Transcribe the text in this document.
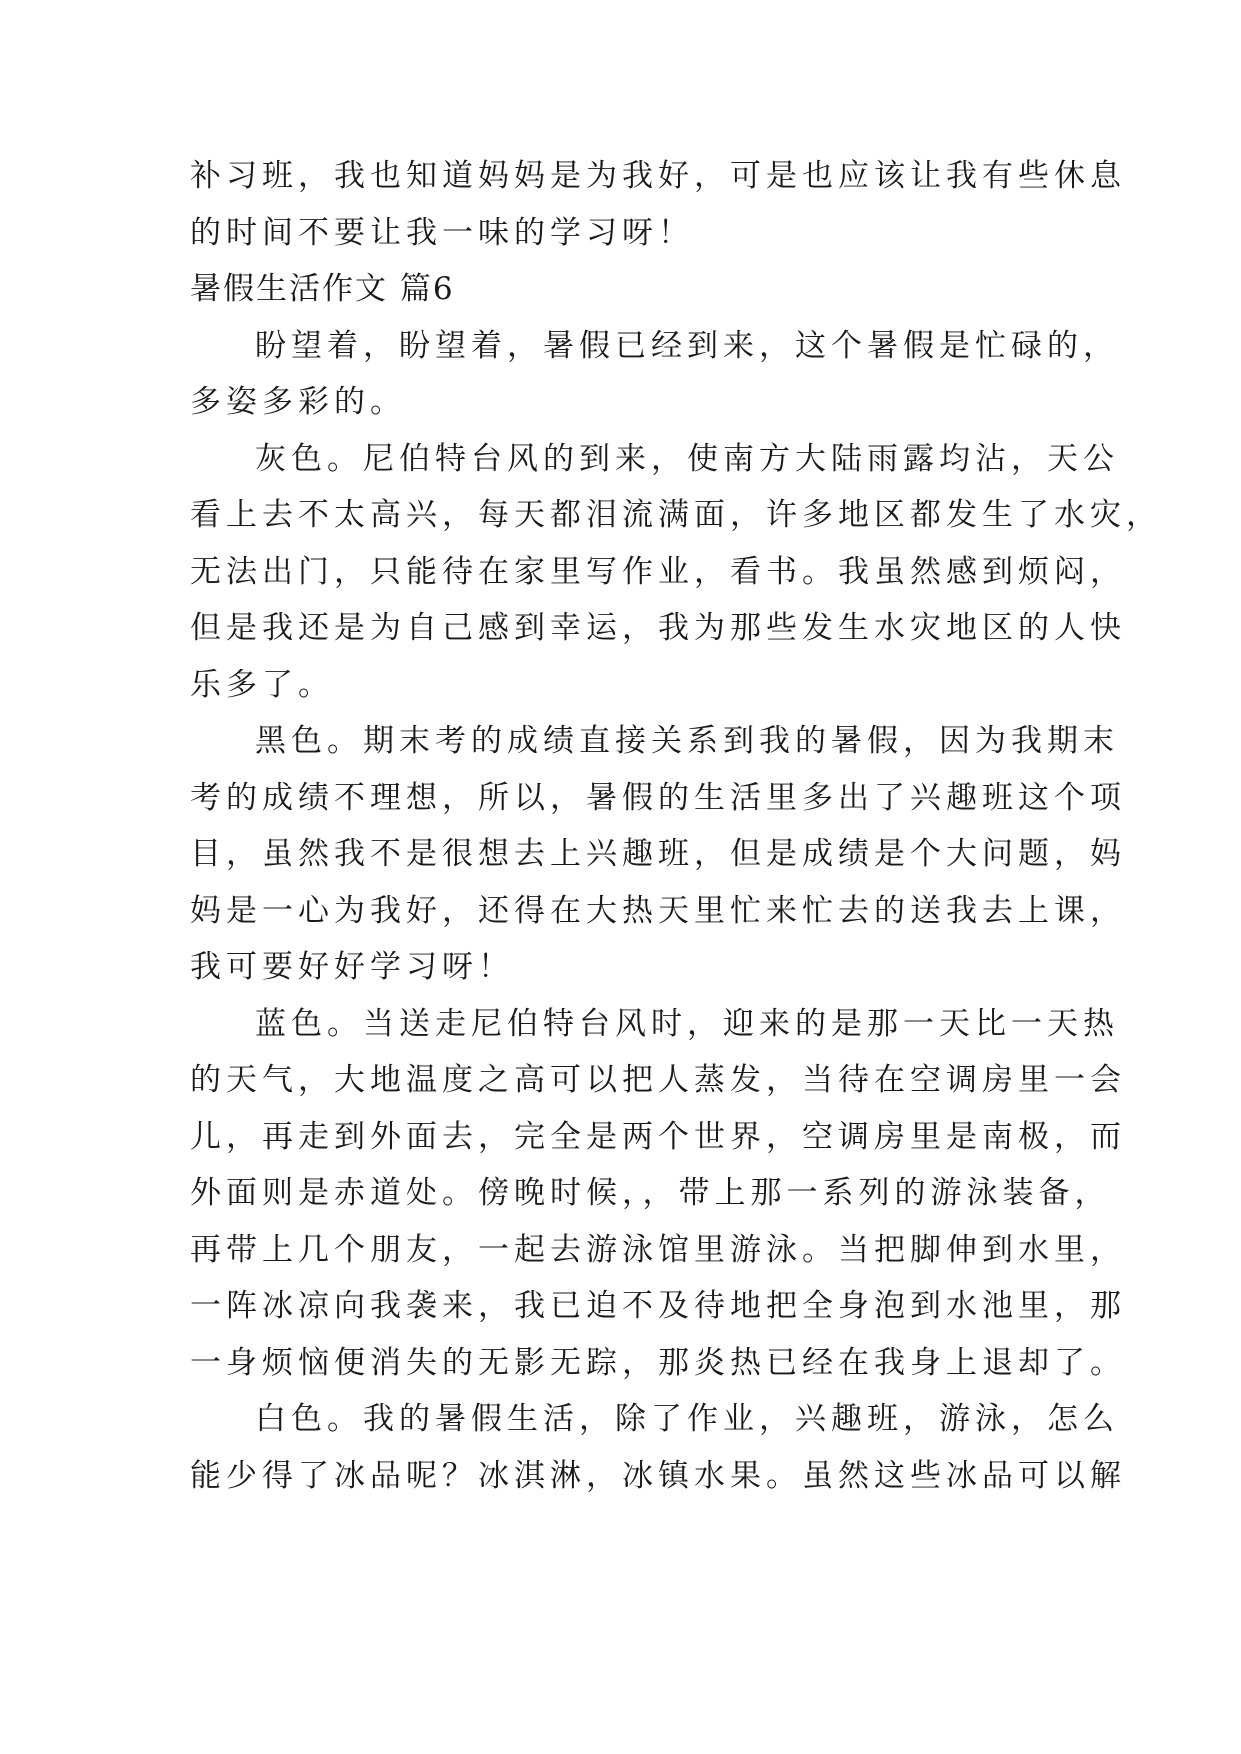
补习班，我也知道妈妈是为我好，可是也应该让我有些休息
的时间不要让我一味的学习呀！
暑假生活作文 篇6
盼望着，盼望着，暑假已经到来，这个暑假是忙碌的，
多姿多彩的。
灰色。尼伯特台风的到来，使南方大陆雨露均沾，天公
看上去不太高兴，每天都泪流满面，许多地区都发生了水灾，
无法出门，只能待在家里写作业，看书。我虽然感到烦闷，
但是我还是为自己感到幸运，我为那些发生水灾地区的人快
乐多了。
黑色。期末考的成绩直接关系到我的暑假，因为我期末
考的成绩不理想，所以，暑假的生活里多出了兴趣班这个项
目，虽然我不是很想去上兴趣班，但是成绩是个大问题，妈
妈是一心为我好，还得在大热天里忙来忙去的送我去上课，
我可要好好学习呀！
蓝色。当送走尼伯特台风时，迎来的是那一天比一天热
的天气，大地温度之高可以把人蒸发，当待在空调房里一会
儿，再走到外面去，完全是两个世界，空调房里是南极，而
外面则是赤道处。傍晚时候，，带上那一系列的游泳装备，
再带上几个朋友，一起去游泳馆里游泳。当把脚伸到水里，
一阵冰凉向我袭来，我已迫不及待地把全身泡到水池里，那
一身烦恼便消失的无影无踪，那炎热已经在我身上退却了。
白色。我的暑假生活，除了作业，兴趣班，游泳，怎么
能少得了冰品呢？冰淇淋，冰镇水果。虽然这些冰品可以解
